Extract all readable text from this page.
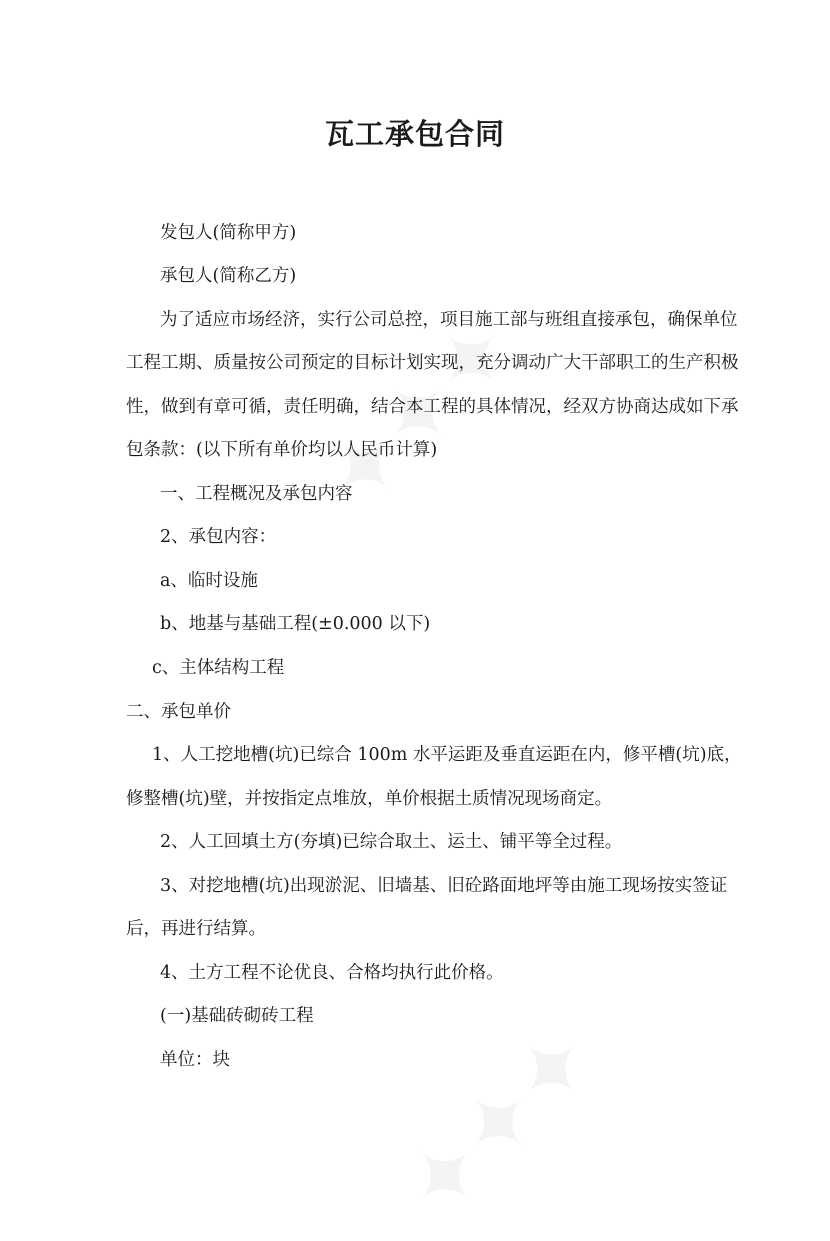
瓦工承包合同
发包人(简称甲方)
承包人(简称乙方)
为了适应市场经济，实行公司总控，项目施工部与班组直接承包，确保单位
工程工期、质量按公司预定的目标计划实现，充分调动广大干部职工的生产积极
性，做到有章可循，责任明确，结合本工程的具体情况，经双方协商达成如下承
包条款：(以下所有单价均以人民币计算)
一、工程概况及承包内容
2、承包内容：
a、临时设施
b、地基与基础工程(±0.000 以下)
c、主体结构工程
二、承包单价
1、人工挖地槽(坑)已综合 100m 水平运距及垂直运距在内，修平槽(坑)底，
修整槽(坑)壁，并按指定点堆放，单价根据土质情况现场商定。
2、人工回填土方(夯填)已综合取土、运土、铺平等全过程。
3、对挖地槽(坑)出现淤泥、旧墙基、旧砼路面地坪等由施工现场按实签证
后，再进行结算。
4、土方工程不论优良、合格均执行此价格。
(一)基础砖砌砖工程
单位：块
